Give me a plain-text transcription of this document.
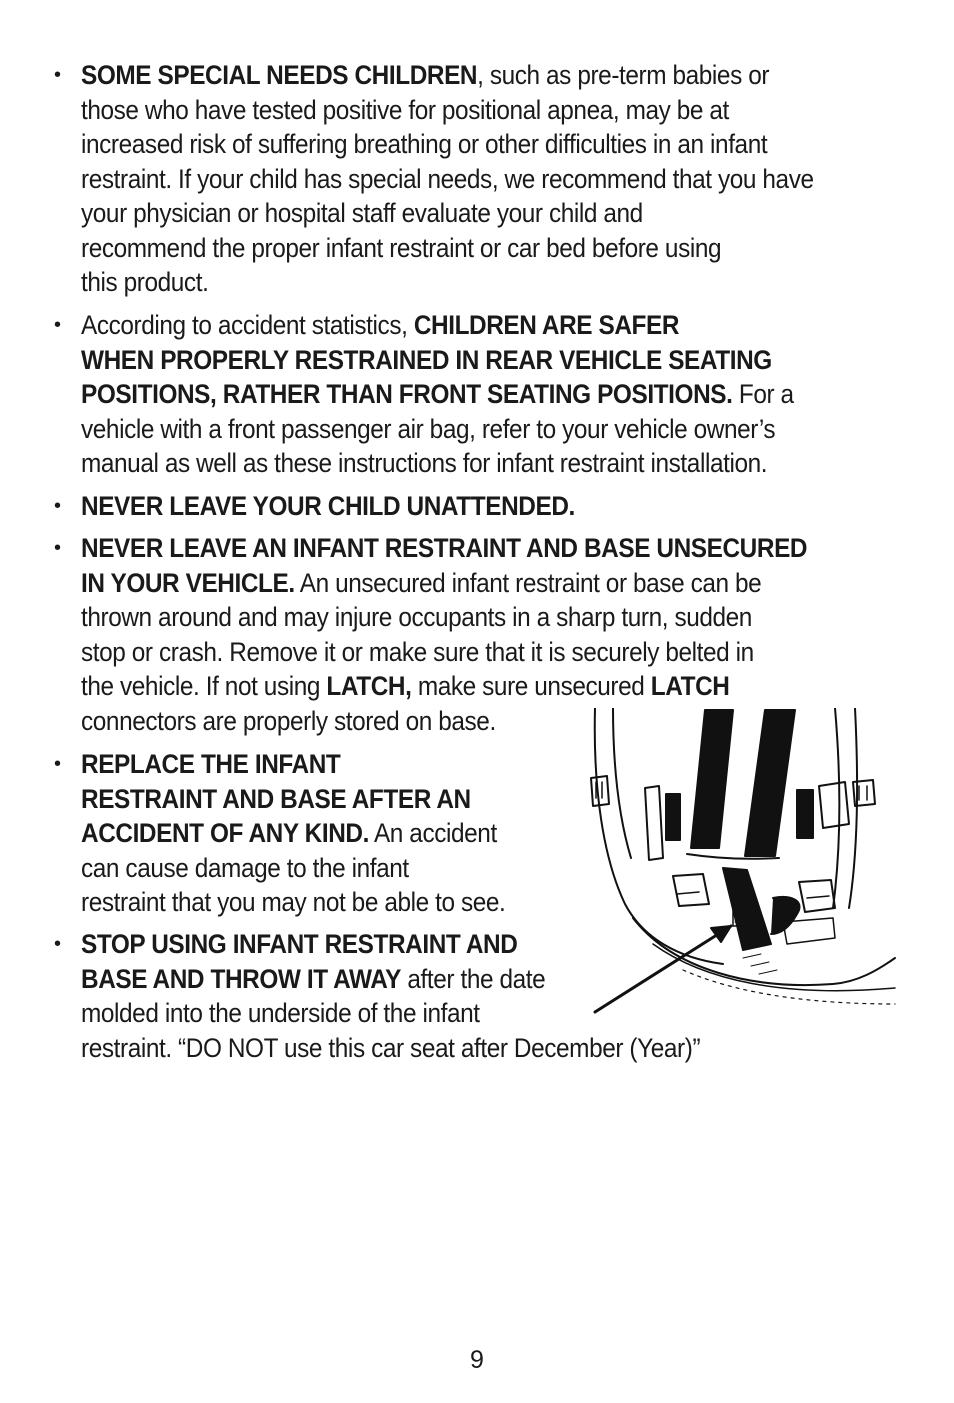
• SOME SPECIAL NEEDS CHILDREN, such as pre-term babies or
those who have tested positive for positional apnea, may be at
increased risk of suffering breathing or other difficulties in an infant
restraint. If your child has special needs, we recommend that you have
your physician or hospital staff evaluate your child and
recommend the proper infant restraint or car bed before using
this product.
• According to accident statistics, CHILDREN ARE SAFER
WHEN PROPERLY RESTRAINED IN REAR VEHICLE SEATING
POSITIONS, RATHER THAN FRONT SEATING POSITIONS. For a
vehicle with a front passenger air bag, refer to your vehicle owner’s
manual as well as these instructions for infant restraint installation.
• NEVER LEAVE YOUR CHILD UNATTENDED.
• NEVER LEAVE AN INFANT RESTRAINT AND BASE UNSECURED
IN YOUR VEHICLE. An unsecured infant restraint or base can be
thrown around and may injure occupants in a sharp turn, sudden
stop or crash. Remove it or make sure that it is securely belted in
the vehicle. If not using LATCH, make sure unsecured LATCH
connectors are properly stored on base.
• REPLACE THE INFANT
RESTRAINT AND BASE AFTER AN
ACCIDENT OF ANY KIND. An accident
can cause damage to the infant
restraint that you may not be able to see.
• STOP USING INFANT RESTRAINT AND
BASE AND THROW IT AWAY after the date
molded into the underside of the infant
restraint. “DO NOT use this car seat after December (Year)”
9
